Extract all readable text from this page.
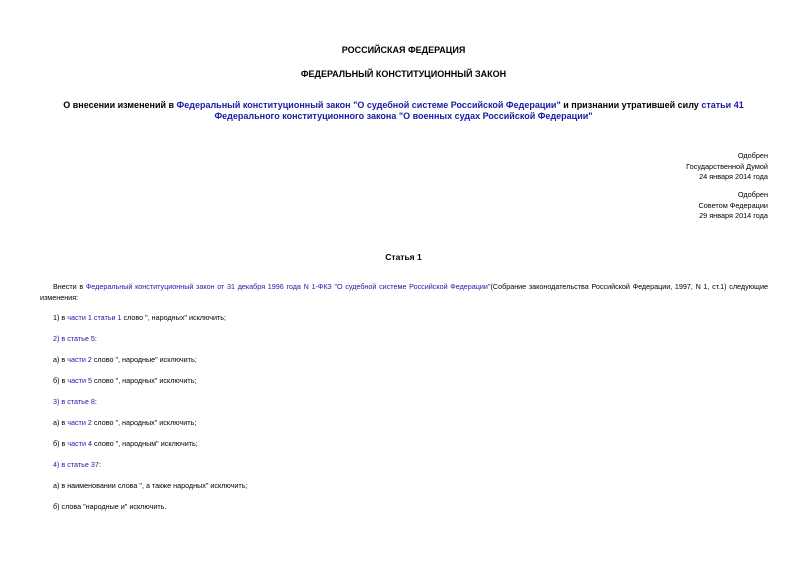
РОССИЙСКАЯ ФЕДЕРАЦИЯ
ФЕДЕРАЛЬНЫЙ КОНСТИТУЦИОННЫЙ ЗАКОН
О внесении изменений в Федеральный конституционный закон "О судебной системе Российской Федерации" и признании утратившей силу статьи 41
Федерального конституционного закона "О военных судах Российской Федерации"
Одобрен
Государственной Думой
24 января 2014 года
Одобрен
Советом Федерации
29 января 2014 года
Статья 1
Внести в Федеральный конституционный закон от 31 декабря 1996 года N 1-ФКЗ "О судебной системе Российской Федерации"(Собрание законодательства Российской Федерации, 1997, N 1, ст.1) следующие изменения:
1) в части 1 статьи 1 слово ", народных" исключить;
2) в статье 5:
а) в части 2 слово ", народные" исключить;
б) в части 5 слово ", народных" исключить;
3) в статье 8:
а) в части 2 слово ", народных" исключить;
б) в части 4 слово ", народным" исключить;
4) в статье 37:
а) в наименовании слова ", а также народных" исключить;
б) слова "народные и" исключить.
